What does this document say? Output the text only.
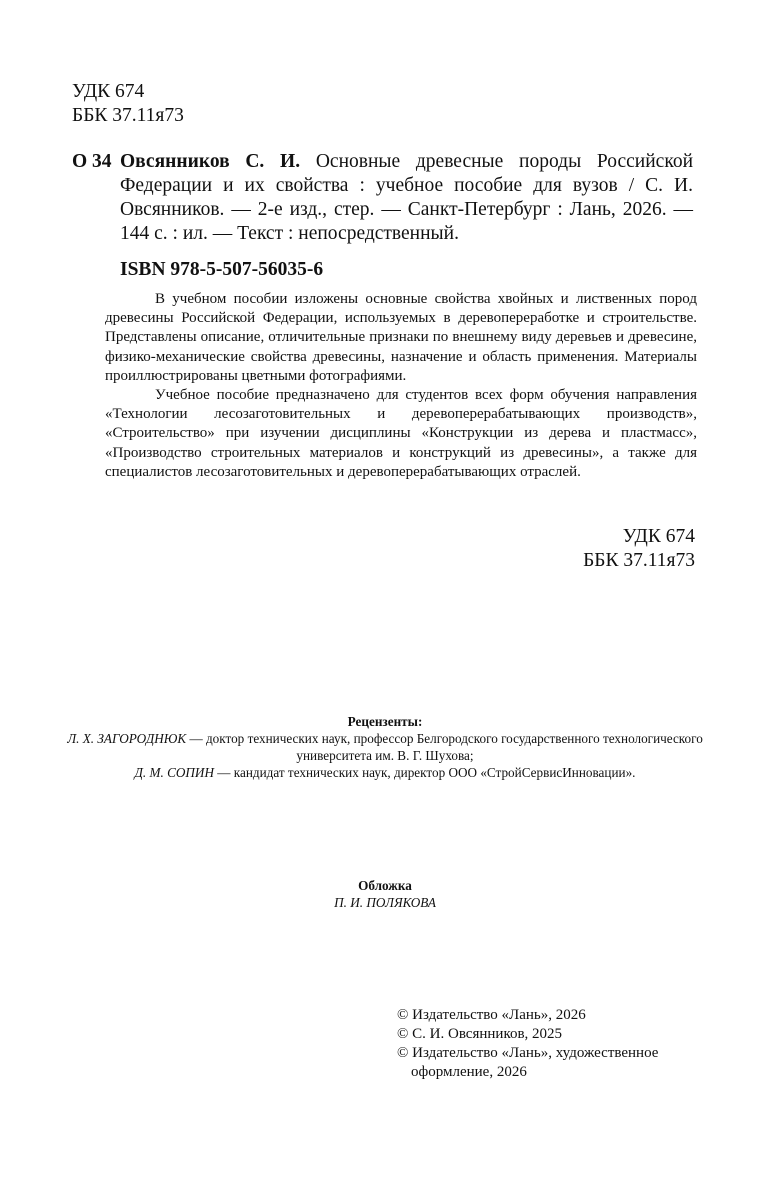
УДК 674
ББК 37.11я73
О 34 Овсянников С. И. Основные древесные породы Российской Федерации и их свойства : учебное пособие для вузов / С. И. Овсянников. — 2-е изд., стер. — Санкт-Петербург : Лань, 2026. — 144 с. : ил. — Текст : непосредственный.
ISBN 978-5-507-56035-6

В учебном пособии изложены основные свойства хвойных и лиственных пород древесины Российской Федерации, используемых в деревопереработке и строительстве. Представлены описание, отличительные признаки по внешнему виду деревьев и древесине, физико-механические свойства древесины, назначение и область применения. Материалы проиллюстрированы цветными фотографиями.

Учебное пособие предназначено для студентов всех форм обучения направления «Технологии лесозаготовительных и деревоперерабатывающих производств», «Строительство» при изучении дисциплины «Конструкции из дерева и пластмасс», «Производство строительных материалов и конструкций из древесины», а также для специалистов лесозаготовительных и деревоперерабатывающих отраслей.

УДК 674
ББК 37.11я73
Рецензенты:
Л. Х. ЗАГОРОДНЮК — доктор технических наук, профессор Белгородского государственного технологического университета им. В. Г. Шухова;
Д. М. СОПИН — кандидат технических наук, директор ООО «СтройСервисИнновации».
Обложка
П. И. ПОЛЯКОВА
© Издательство «Лань», 2026
© С. И. Овсянников, 2025
© Издательство «Лань», художественное оформление, 2026
